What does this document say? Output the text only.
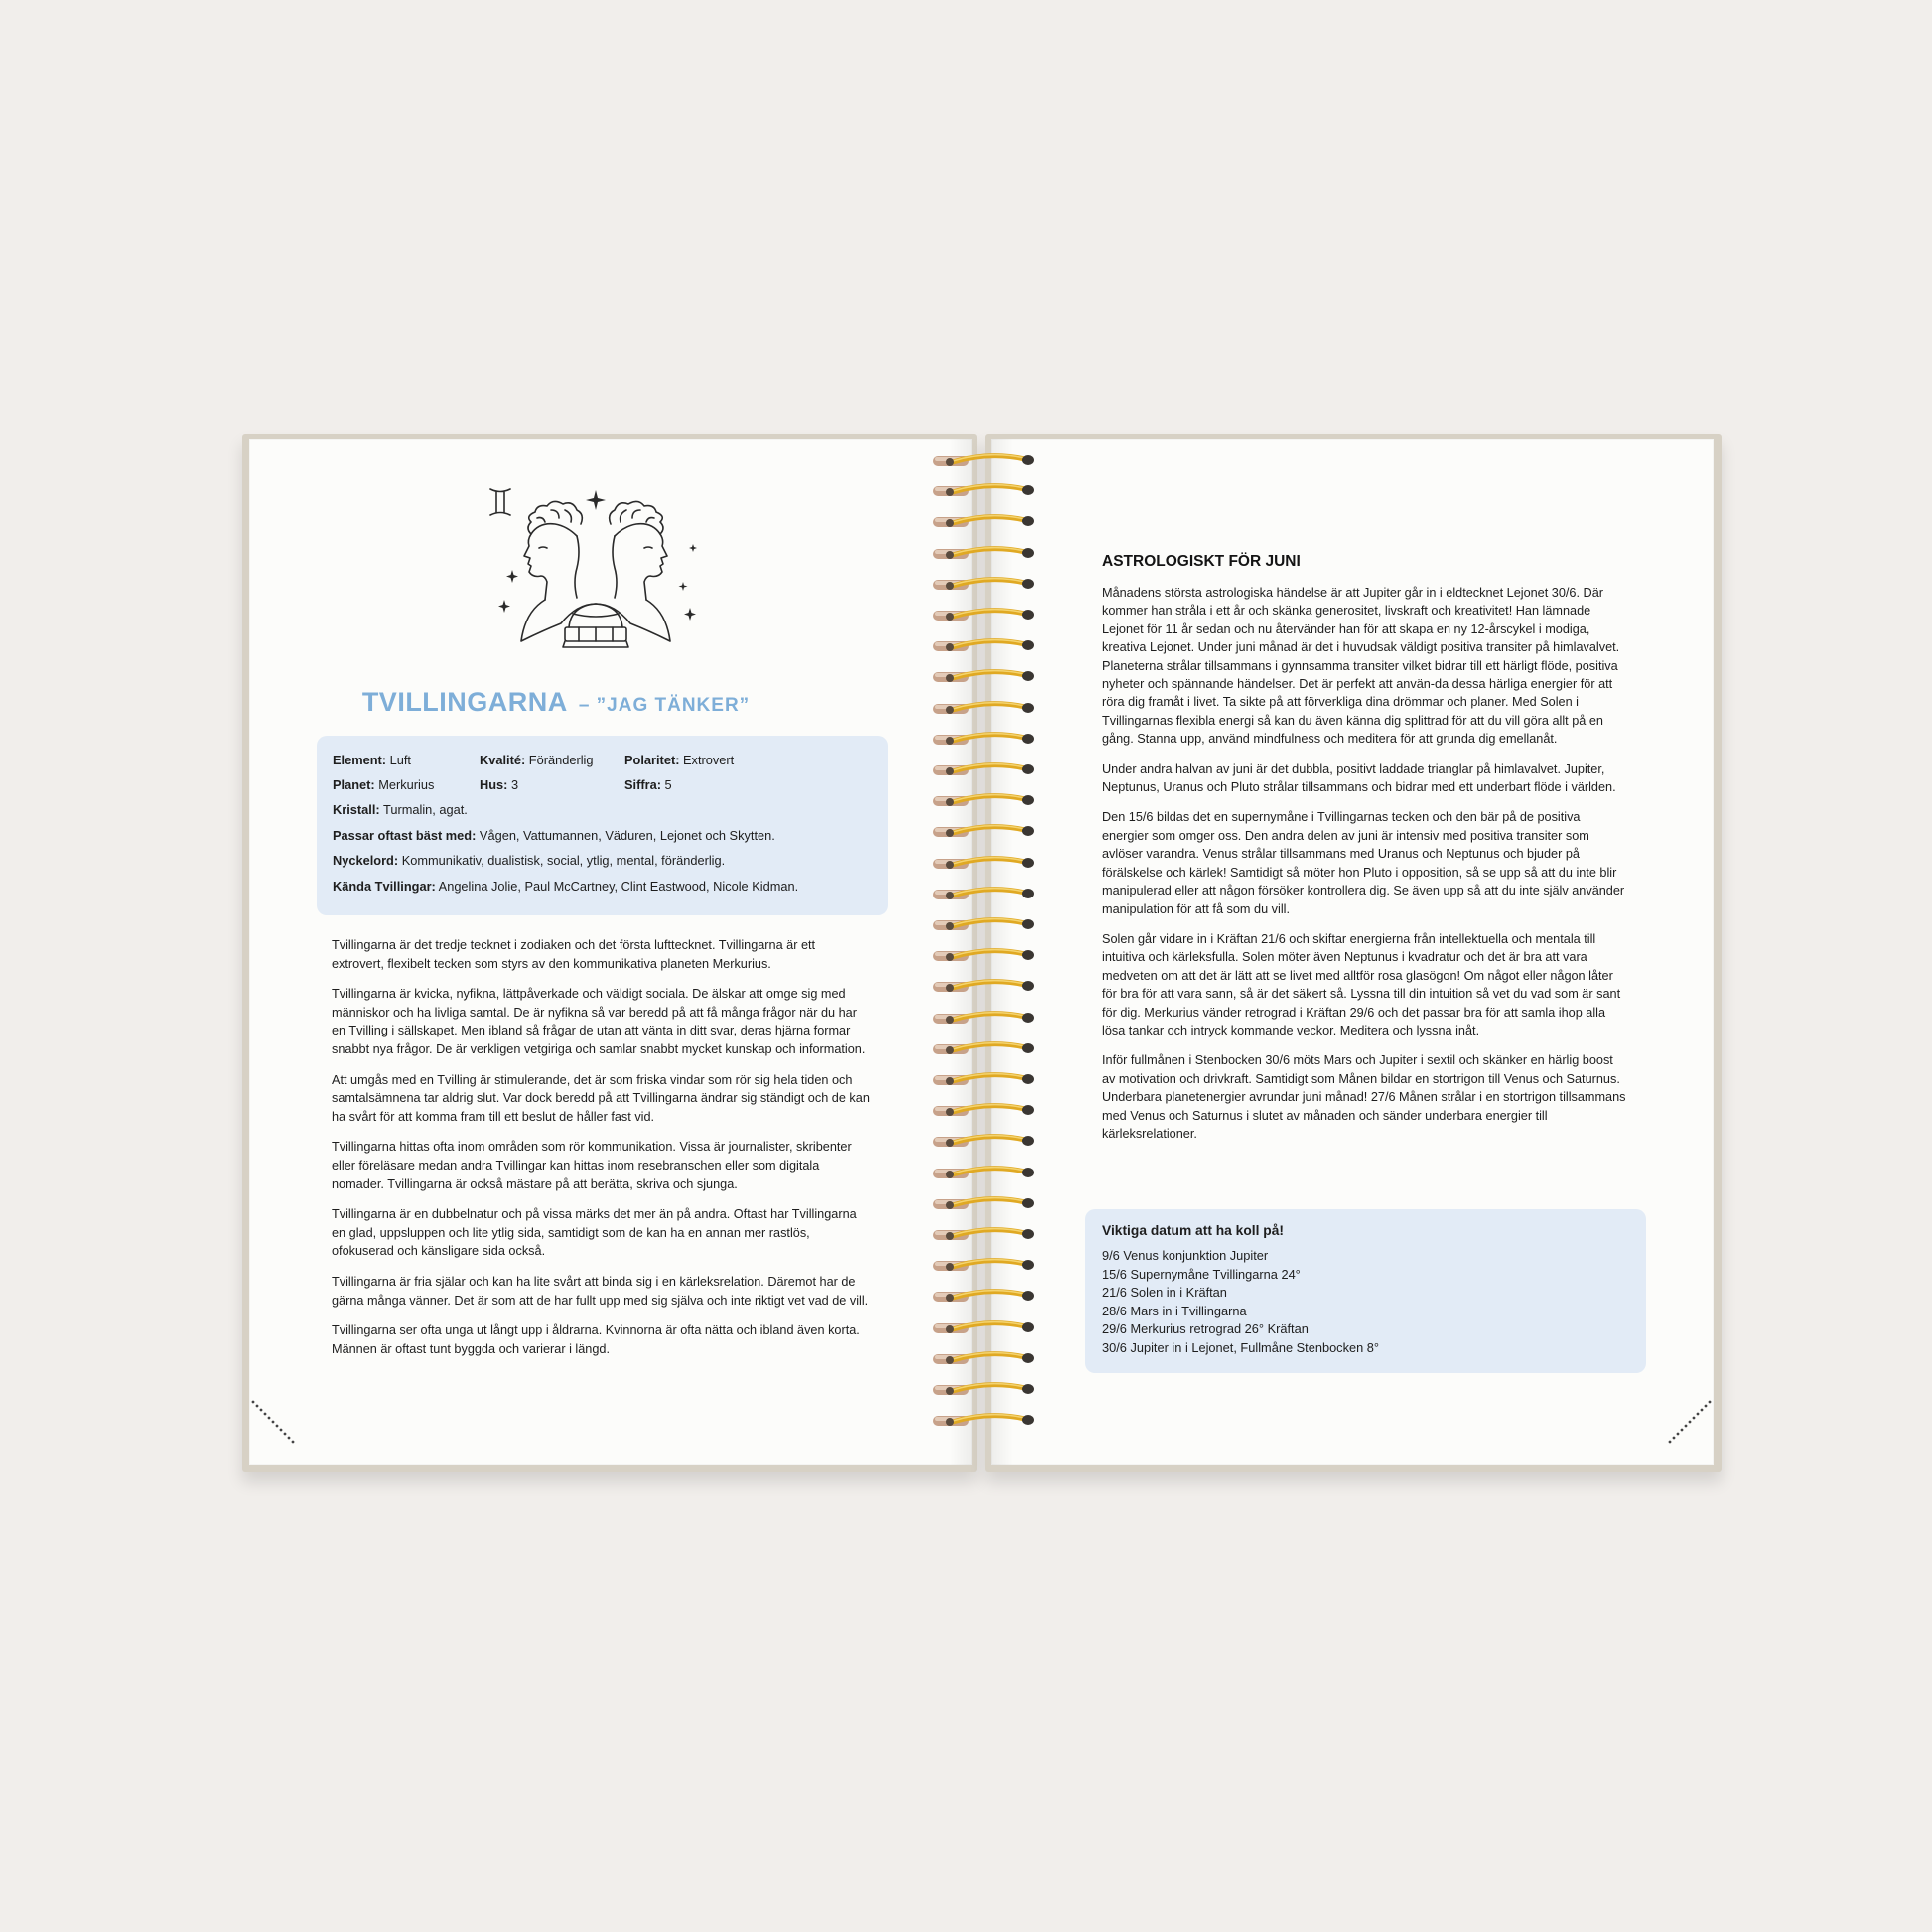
TVILLINGARNA – ”JAG TÄNKER”
Element: Luft	Kvalité: Föränderlig Polaritet: Extrovert
Planet: Merkurius	Hus: 3	Siffra: 5
Kristall: Turmalin, agat.
Passar oftast bäst med: Vågen, Vattumannen, Väduren, Lejonet och Skytten.
Nyckelord: Kommunikativ, dualistisk, social, ytlig, mental, föränderlig.
Kända Tvillingar: Angelina Jolie, Paul McCartney, Clint Eastwood, Nicole Kidman.

Tvillingarna är det tredje tecknet i zodiaken och det första lufttecknet. Tvillingarna är ett extrovert, flexibelt tecken som styrs av den kommunikativa planeten Merkurius.

Tvillingarna är kvicka, nyfikna, lättpåverkade och väldigt sociala. De älskar att omge sig med människor och ha livliga samtal. De är nyfikna så var beredd på att få många frågor när du har en Tvilling i sällskapet. Men ibland så frågar de utan att vänta in ditt svar, deras hjärna formar snabbt nya frågor. De är verkligen vetgiriga och samlar snabbt mycket kunskap och information.

Att umgås med en Tvilling är stimulerande, det är som friska vindar som rör sig hela tiden och samtalsämnena tar aldrig slut. Var dock beredd på att Tvillingarna ändrar sig ständigt och de kan ha svårt för att komma fram till ett beslut de håller fast vid.

Tvillingarna hittas ofta inom områden som rör kommunikation. Vissa är journalister, skribenter eller föreläsare medan andra Tvillingar kan hittas inom resebranschen eller som digitala nomader. Tvillingarna är också mästare på att berätta, skriva och sjunga.

Tvillingarna är en dubbelnatur och på vissa märks det mer än på andra. Oftast har Tvillingarna en glad, uppsluppen och lite ytlig sida, samtidigt som de kan ha en annan mer rastlös, ofokuserad och känsligare sida också.

Tvillingarna är fria själar och kan ha lite svårt att binda sig i en kärleksrelation. Däremot har de gärna många vänner. Det är som att de har fullt upp med sig själva och inte riktigt vet vad de vill.

Tvillingarna ser ofta unga ut långt upp i åldrarna. Kvinnorna är ofta nätta och ibland även korta. Männen är oftast tunt byggda och varierar i längd.

ASTROLOGISKT FÖR JUNI

Månadens största astrologiska händelse är att Jupiter går in i eldtecknet Lejonet 30/6. Där kommer han stråla i ett år och skänka generositet, livskraft och kreativitet! Han lämnade Lejonet för 11 år sedan och nu återvänder han för att skapa en ny 12-årscykel i modiga, kreativa Lejonet. Under juni månad är det i huvudsak väldigt positiva transiter på himlavalvet. Planeterna strålar tillsammans i gynnsamma transiter vilket bidrar till ett härligt flöde, positiva nyheter och spännande händelser. Det är perfekt att använ-da dessa härliga energier för att röra dig framåt i livet. Ta sikte på att förverkliga dina drömmar och planer. Med Solen i Tvillingarnas flexibla energi så kan du även känna dig splittrad för att du vill göra allt på en gång. Stanna upp, använd mindfulness och meditera för att grunda dig emellanåt.

Under andra halvan av juni är det dubbla, positivt laddade trianglar på himlavalvet. Jupiter, Neptunus, Uranus och Pluto strålar tillsammans och bidrar med ett underbart flöde i världen.

Den 15/6 bildas det en supernymåne i Tvillingarnas tecken och den bär på de positiva energier som omger oss. Den andra delen av juni är intensiv med positiva transiter som avlöser varandra. Venus strålar tillsammans med Uranus och Neptunus och bjuder på förälskelse och kärlek! Samtidigt så möter hon Pluto i opposition, så se upp så att du inte blir manipulerad eller att någon försöker kontrollera dig. Se även upp så att du inte själv använder manipulation för att få som du vill.

Solen går vidare in i Kräftan 21/6 och skiftar energierna från intellektuella och mentala till intuitiva och kärleksfulla. Solen möter även Neptunus i kvadratur och det är bra att vara medveten om att det är lätt att se livet med alltför rosa glasögon! Om något eller någon låter för bra för att vara sann, så är det säkert så. Lyssna till din intuition så vet du vad som är sant för dig. Merkurius vänder retrograd i Kräftan 29/6 och det passar bra för att samla ihop alla lösa tankar och intryck kommande veckor. Meditera och lyssna inåt.

Inför fullmånen i Stenbocken 30/6 möts Mars och Jupiter i sextil och skänker en härlig boost av motivation och drivkraft. Samtidigt som Månen bildar en stortrigon till Venus och Saturnus. Underbara planetenergier avrundar juni månad! 27/6 Månen strålar i en stortrigon tillsammans med Venus och Saturnus i slutet av månaden och sänder underbara energier till kärleksrelationer.

Viktiga datum att ha koll på!
9/6 Venus konjunktion Jupiter
15/6 Supernymåne Tvillingarna 24°
21/6 Solen in i Kräftan
28/6 Mars in i Tvillingarna
29/6 Merkurius retrograd 26° Kräftan
30/6 Jupiter in i Lejonet, Fullmåne Stenbocken 8°
